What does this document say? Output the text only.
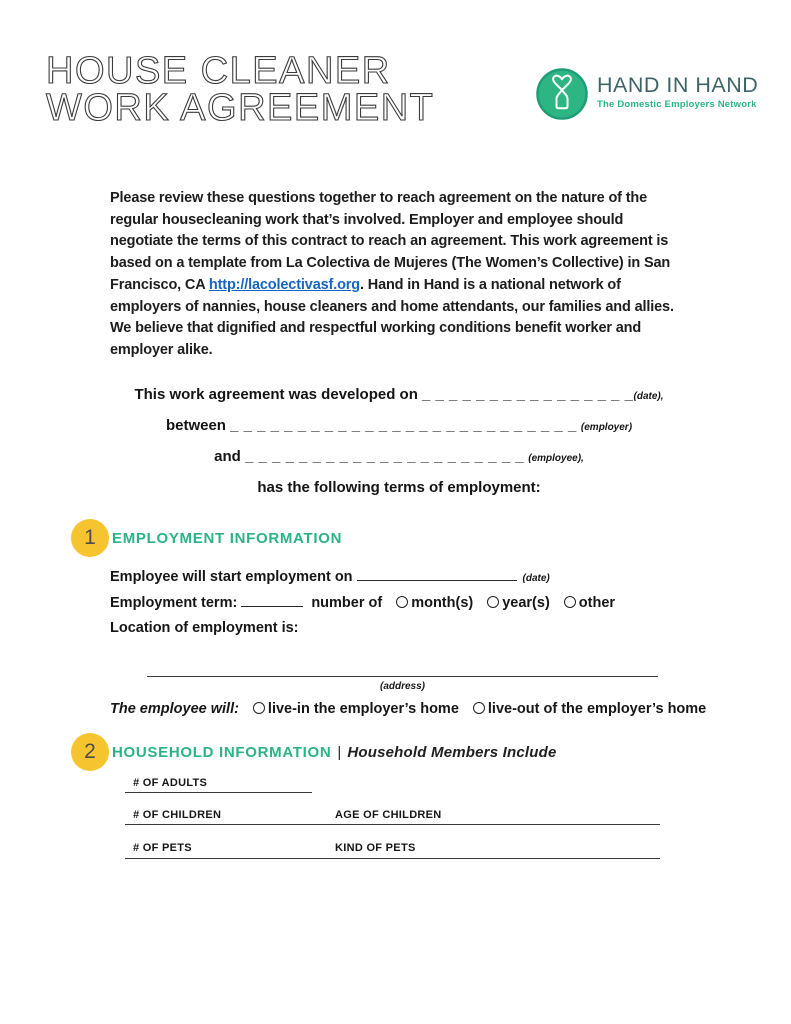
HOUSE CLEANER
WORK AGREEMENT
HAND IN HAND
The Domestic Employers Network

Please review these questions together to reach agreement on the nature of the regular housecleaning work that’s involved. Employer and employee should negotiate the terms of this contract to reach an agreement. This work agreement is based on a template from La Colectiva de Mujeres (The Women’s Collective) in San Francisco, CA http://lacolectivasf.org. Hand in Hand is a national network of employers of nannies, house cleaners and home attendants, our families and allies. We believe that dignified and respectful working conditions benefit worker and employer alike.

This work agreement was developed on _ _ _ _ _ _ _ _ _ _ _ _ _ _ _ _(date),
between _ _ _ _ _ _ _ _ _ _ _ _ _ _ _ _ _ _ _ _ _ _ _ _ _ _ (employer)
and _ _ _ _ _ _ _ _ _ _ _ _ _ _ _ _ _ _ _ _ _ (employee),
has the following terms of employment:
1	EMPLOYMENT INFORMATION
Employee will start employment on	(date)
Employment term:	number of month(s) year(s) other
Location of employment is:
(address)
The employee will: live-in the employer’s home live-out of the employer’s home
2	HOUSEHOLD INFORMATION | Household Members Include
# OF ADULTS
# OF CHILDREN	AGE OF CHILDREN
# OF PETS	KIND OF PETS
